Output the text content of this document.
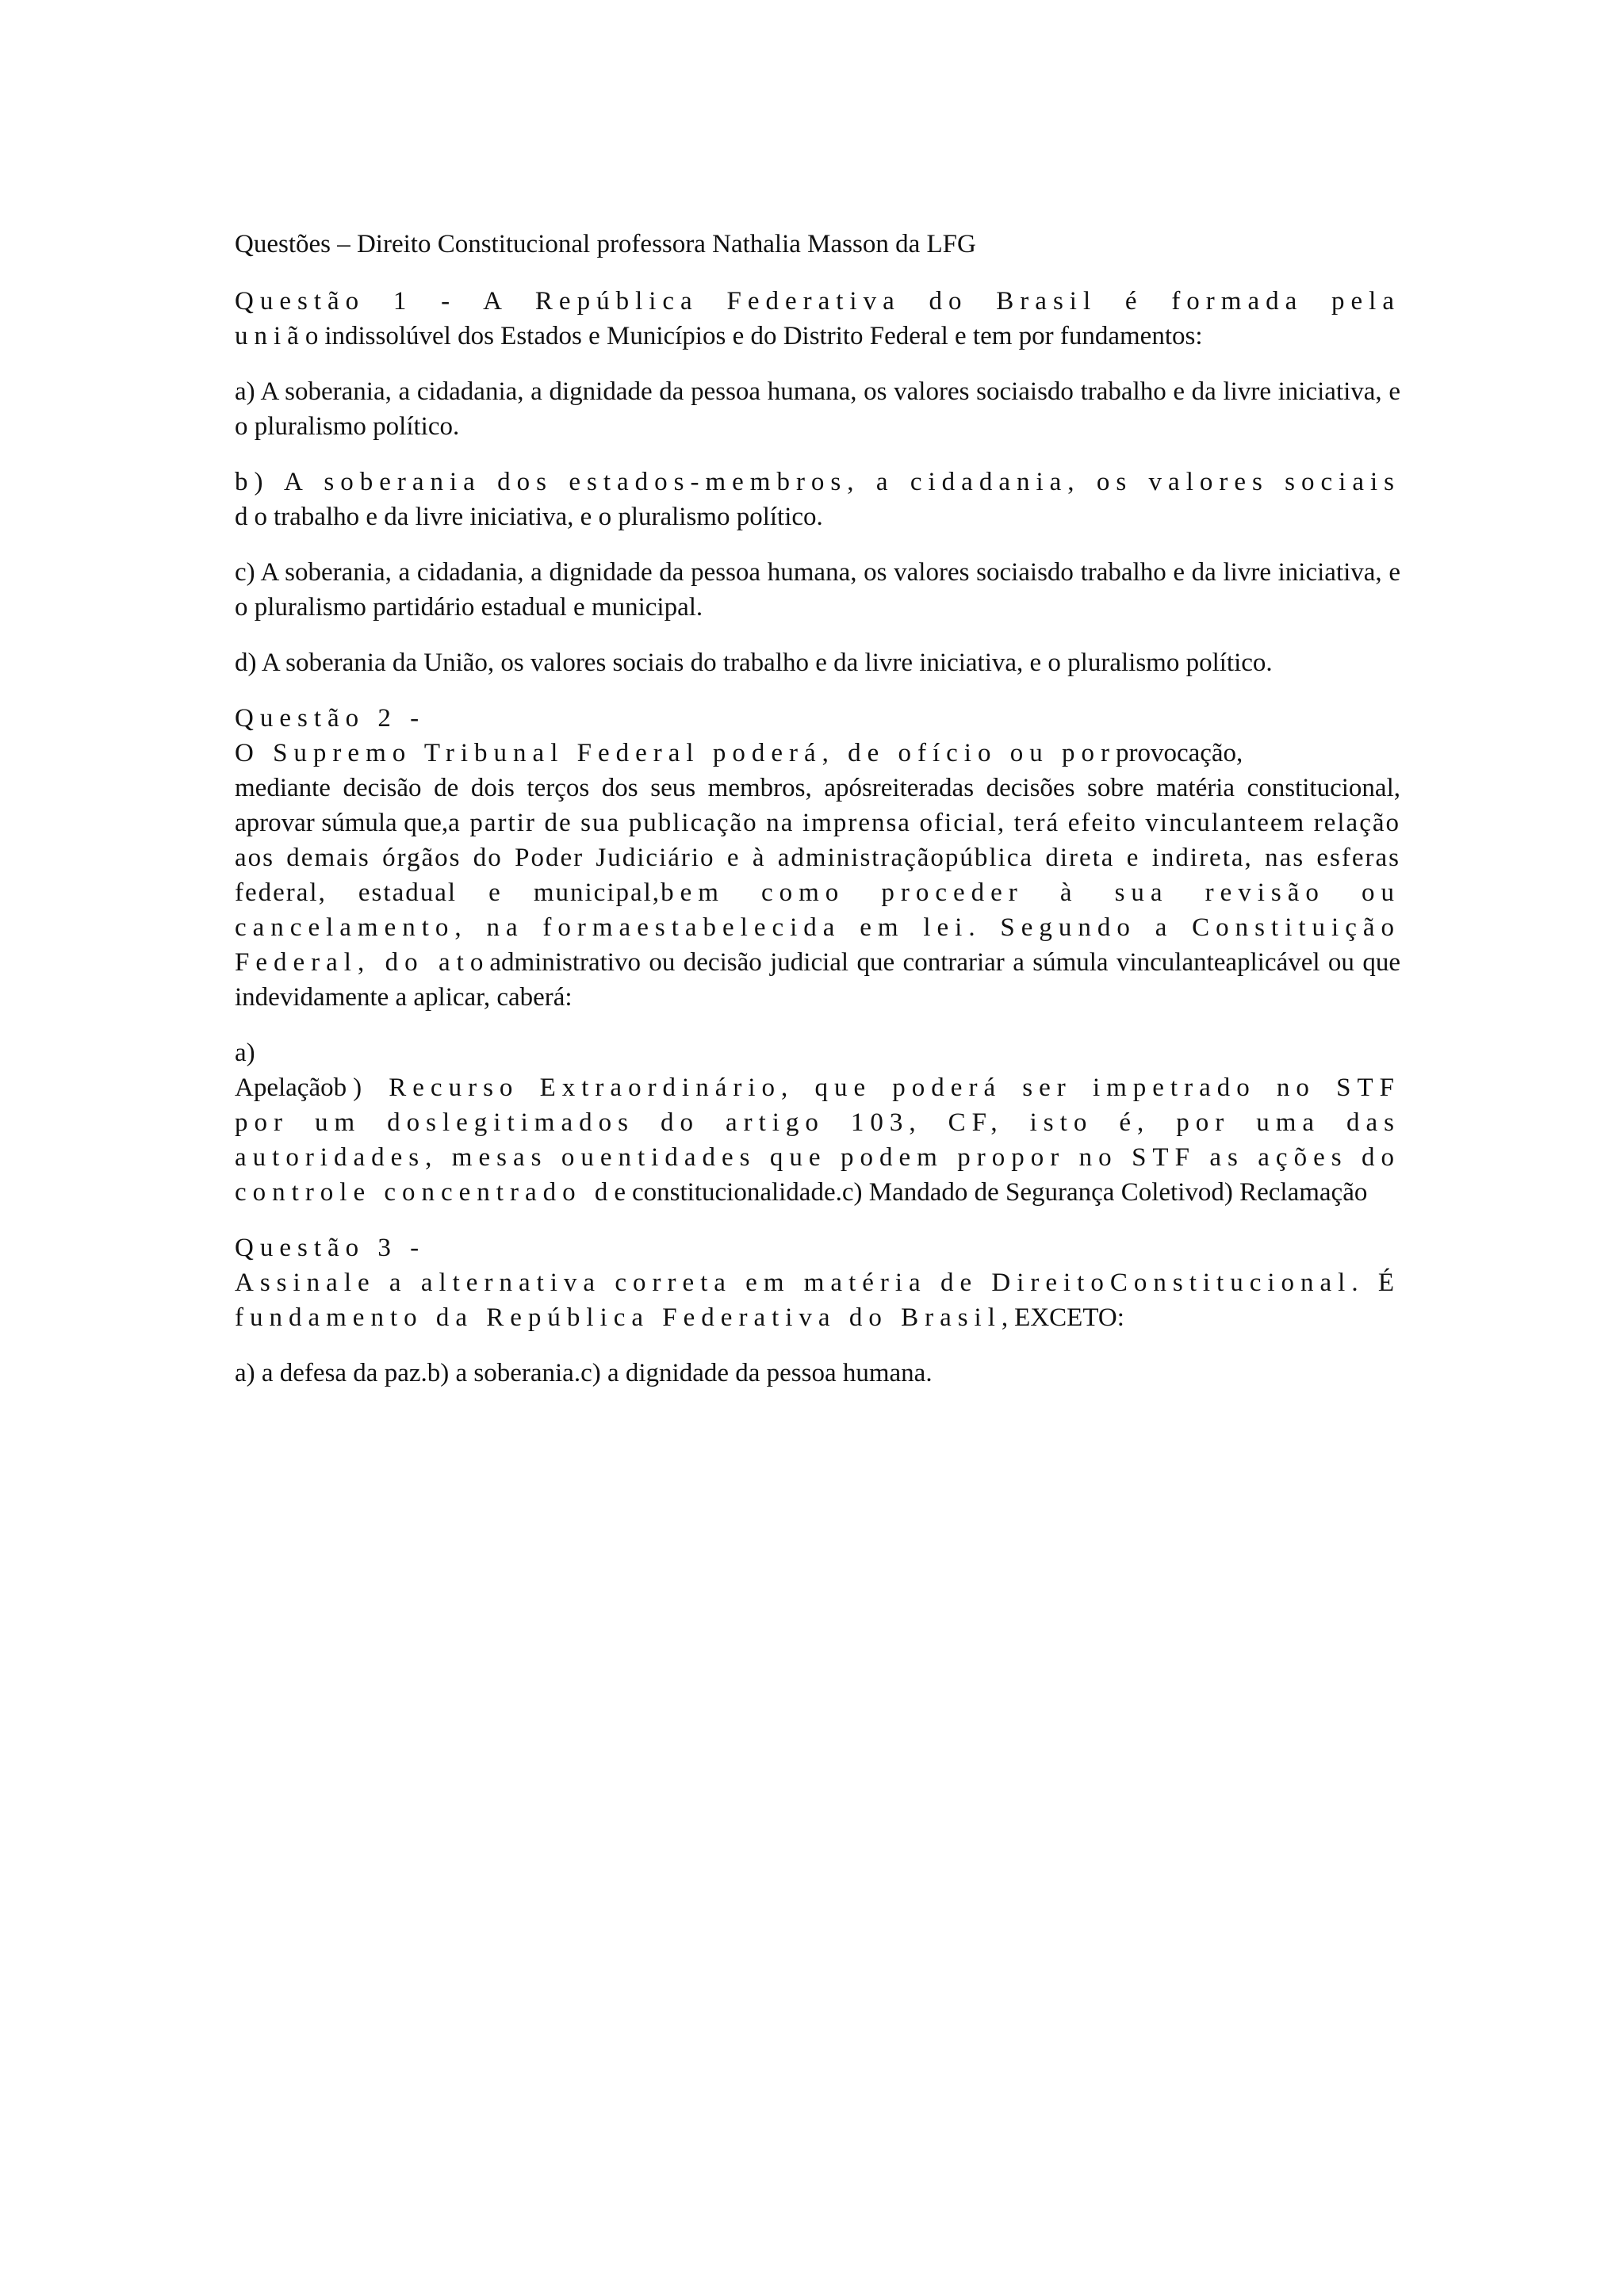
Questões – Direito Constitucional professora Nathalia Masson da LFG

Questão 1 - A República Federativa do Brasil é formada pela uniãoindissolúvel dos Estados e Municípios e do Distrito Federal e tem por fundamentos:

a) A soberania, a cidadania, a dignidade da pessoa humana, os valores sociaisdo trabalho e da livre iniciativa, e o pluralismo político.

b) A soberania dos estados-membros, a cidadania, os valores sociais dotrabalho e da livre iniciativa, e o pluralismo político.

c) A soberania, a cidadania, a dignidade da pessoa humana, os valores sociaisdo trabalho e da livre iniciativa, e o pluralismo partidário estadual e municipal.

d) A soberania da União, os valores sociais do trabalho e da livre iniciativa, e o pluralismo político.

Questão 2 -
O Supremo Tribunal Federal poderá, de ofício ou porprovocação,
mediante decisão de dois terços dos seus membros, apósreiteradas decisões sobre matéria constitucional, aprovar súmula que,a partir de sua publicação na imprensa oficial, terá efeito vinculanteem relação aos demais órgãos do Poder Judiciário e à administraçãopública direta e indireta, nas esferas federal, estadual e municipal,bem como proceder à sua revisão ou cancelamento, na formaestabelecida em lei. Segundo a Constituição Federal, do atoadministrativo ou decisão judicial que contrariar a súmula vinculanteaplicável ou que indevidamente a aplicar, caberá:
a)
Apelaçãob) Recurso Extraordinário, que poderá ser impetrado no STF por um doslegitimados do artigo 103, CF, isto é, por uma das autoridades, mesas ouentidades que podem propor no STF as ações do controle concentrado deconstitucionalidade.c) Mandado de Segurança Coletivod) Reclamação
Questão 3 -
Assinale a alternativa correta em matéria de DireitoConstitucional. É fundamento da República Federativa do Brasil,EXCETO:

a) a defesa da paz.b) a soberania.c) a dignidade da pessoa humana.
